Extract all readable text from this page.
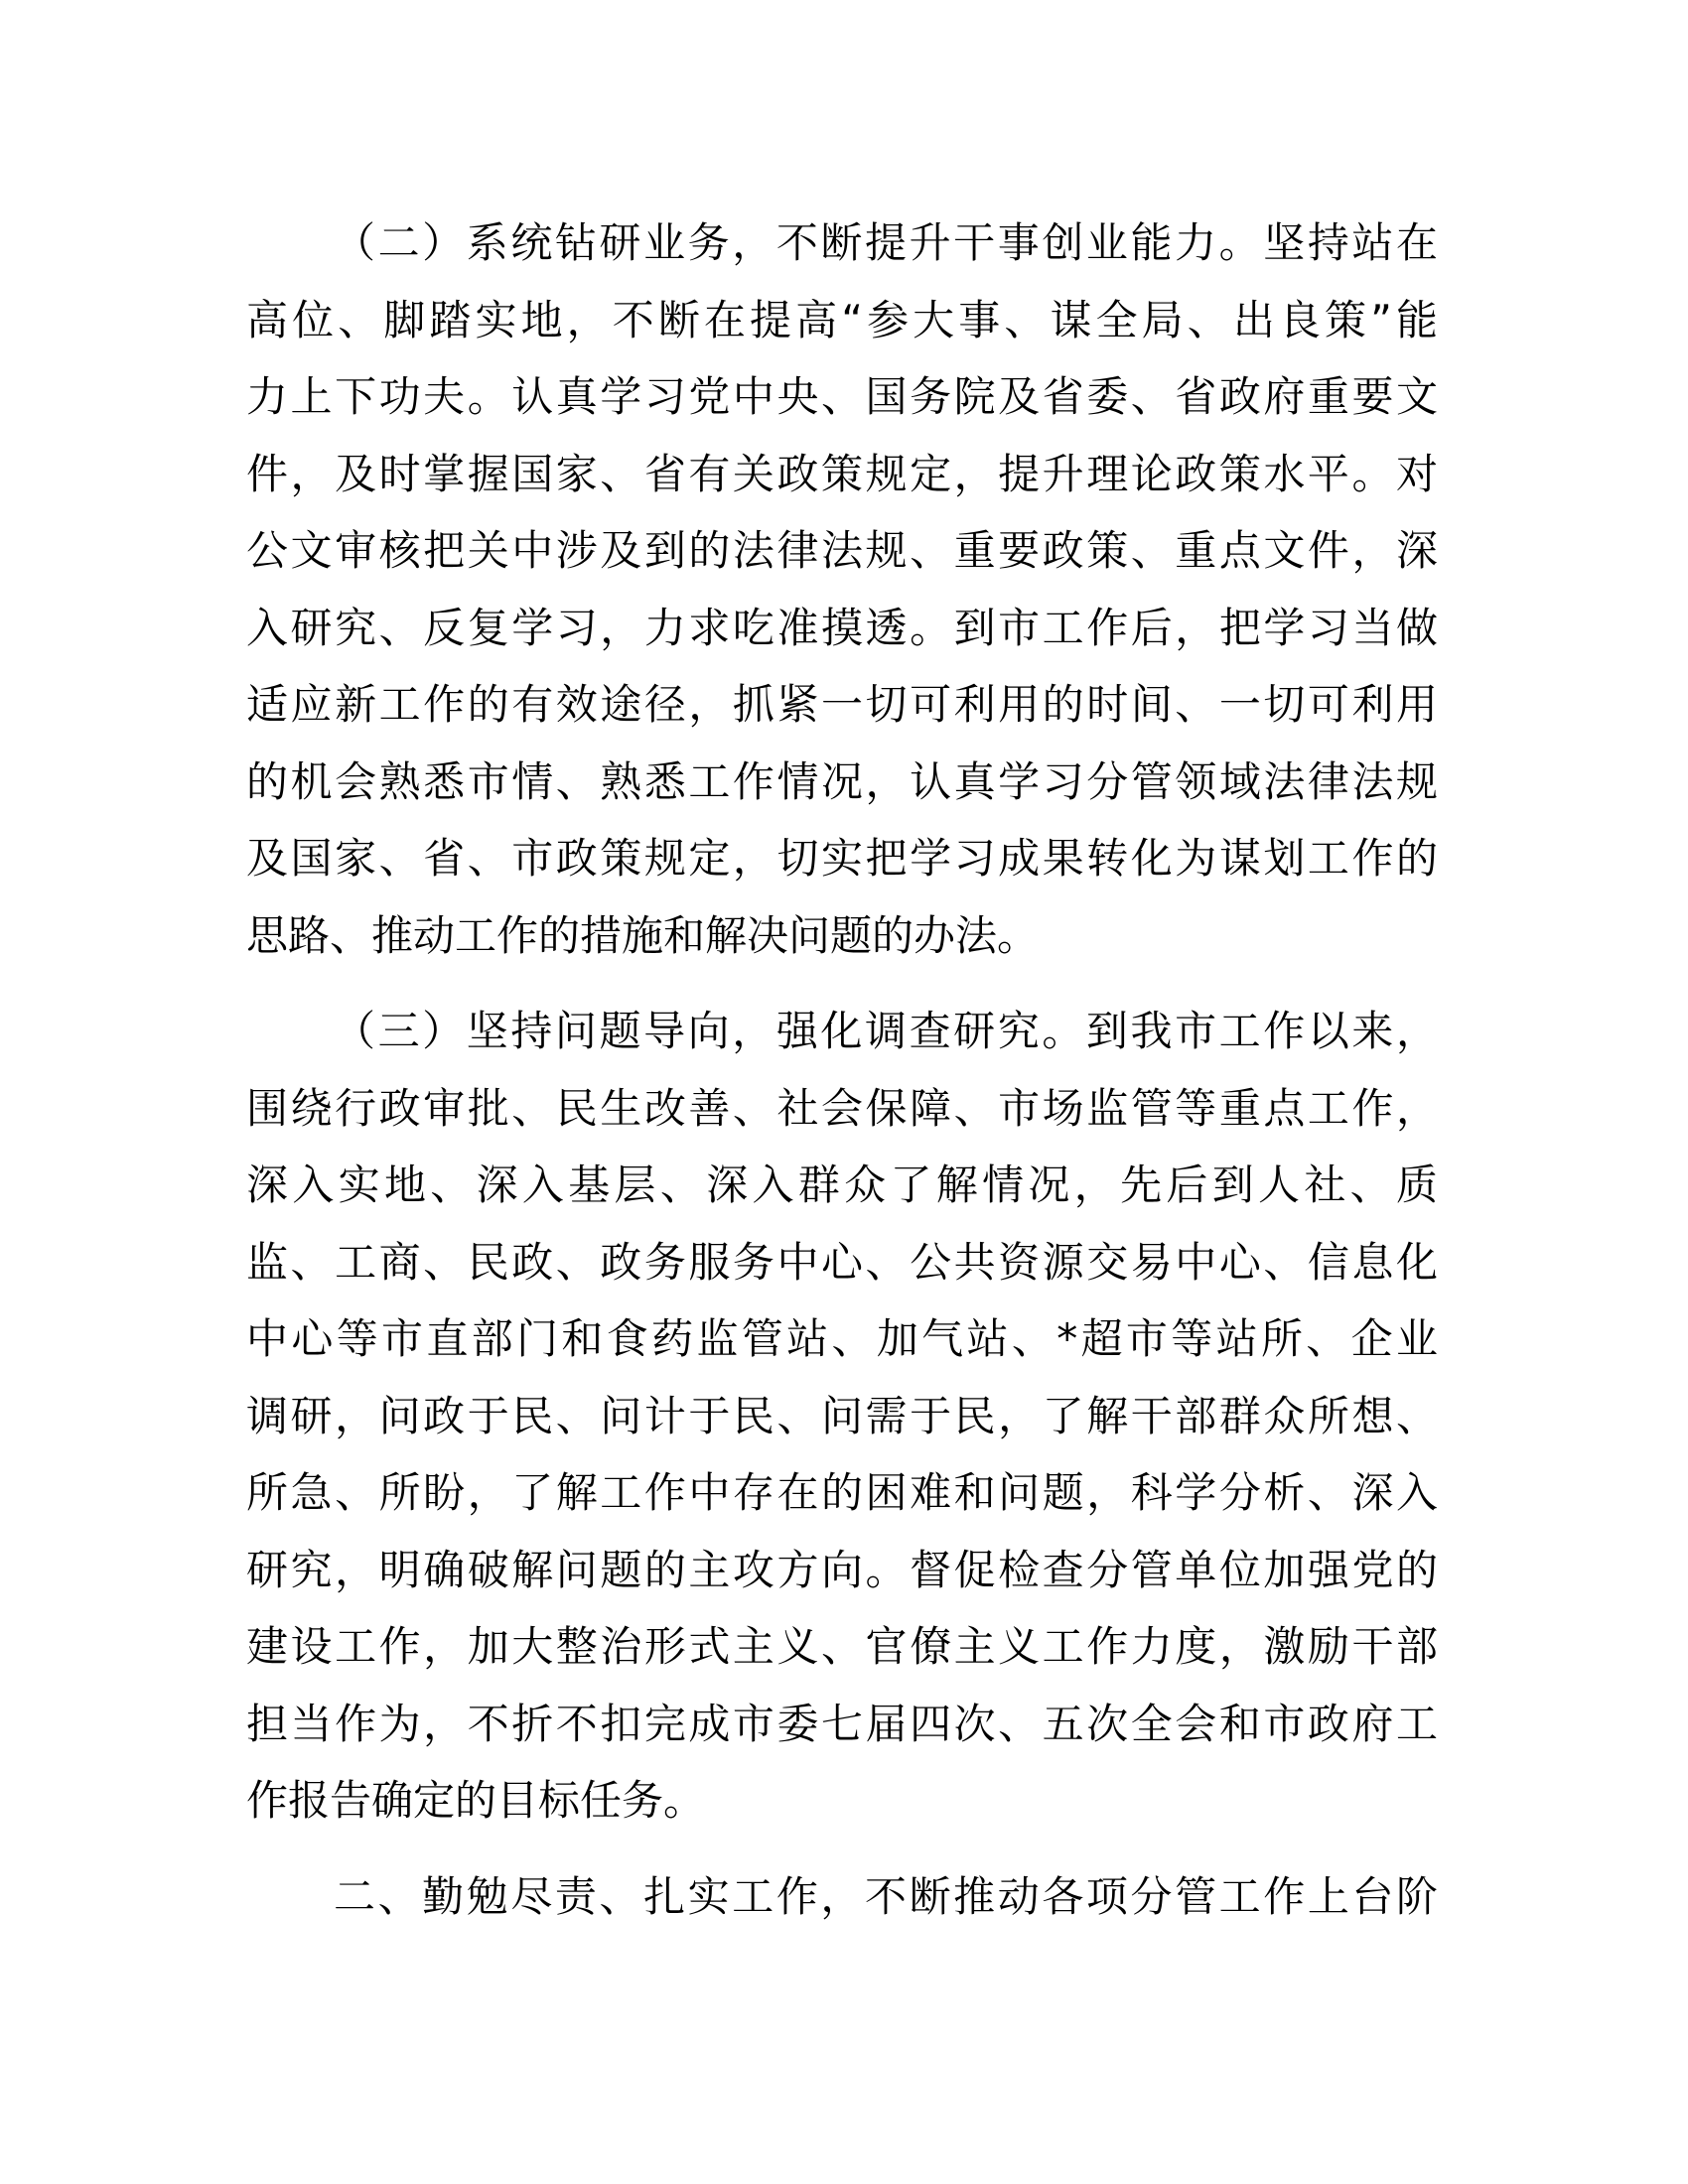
（二）系统钻研业务，不断提升干事创业能力。坚持站在
高位、脚踏实地，不断在提高“参大事、谋全局、出良策”能
力上下功夫。认真学习党中央、国务院及省委、省政府重要文
件，及时掌握国家、省有关政策规定，提升理论政策水平。对
公文审核把关中涉及到的法律法规、重要政策、重点文件，深
入研究、反复学习，力求吃准摸透。到市工作后，把学习当做
适应新工作的有效途径，抓紧一切可利用的时间、一切可利用
的机会熟悉市情、熟悉工作情况，认真学习分管领域法律法规
及国家、省、市政策规定，切实把学习成果转化为谋划工作的
思路、推动工作的措施和解决问题的办法。
（三）坚持问题导向，强化调查研究。到我市工作以来，
围绕行政审批、民生改善、社会保障、市场监管等重点工作，
深入实地、深入基层、深入群众了解情况，先后到人社、质
监、工商、民政、政务服务中心、公共资源交易中心、信息化
中心等市直部门和食药监管站、加气站、*超市等站所、企业
调研，问政于民、问计于民、问需于民，了解干部群众所想、
所急、所盼，了解工作中存在的困难和问题，科学分析、深入
研究，明确破解问题的主攻方向。督促检查分管单位加强党的
建设工作，加大整治形式主义、官僚主义工作力度，激励干部
担当作为，不折不扣完成市委七届四次、五次全会和市政府工
作报告确定的目标任务。
二、勤勉尽责、扎实工作，不断推动各项分管工作上台阶
